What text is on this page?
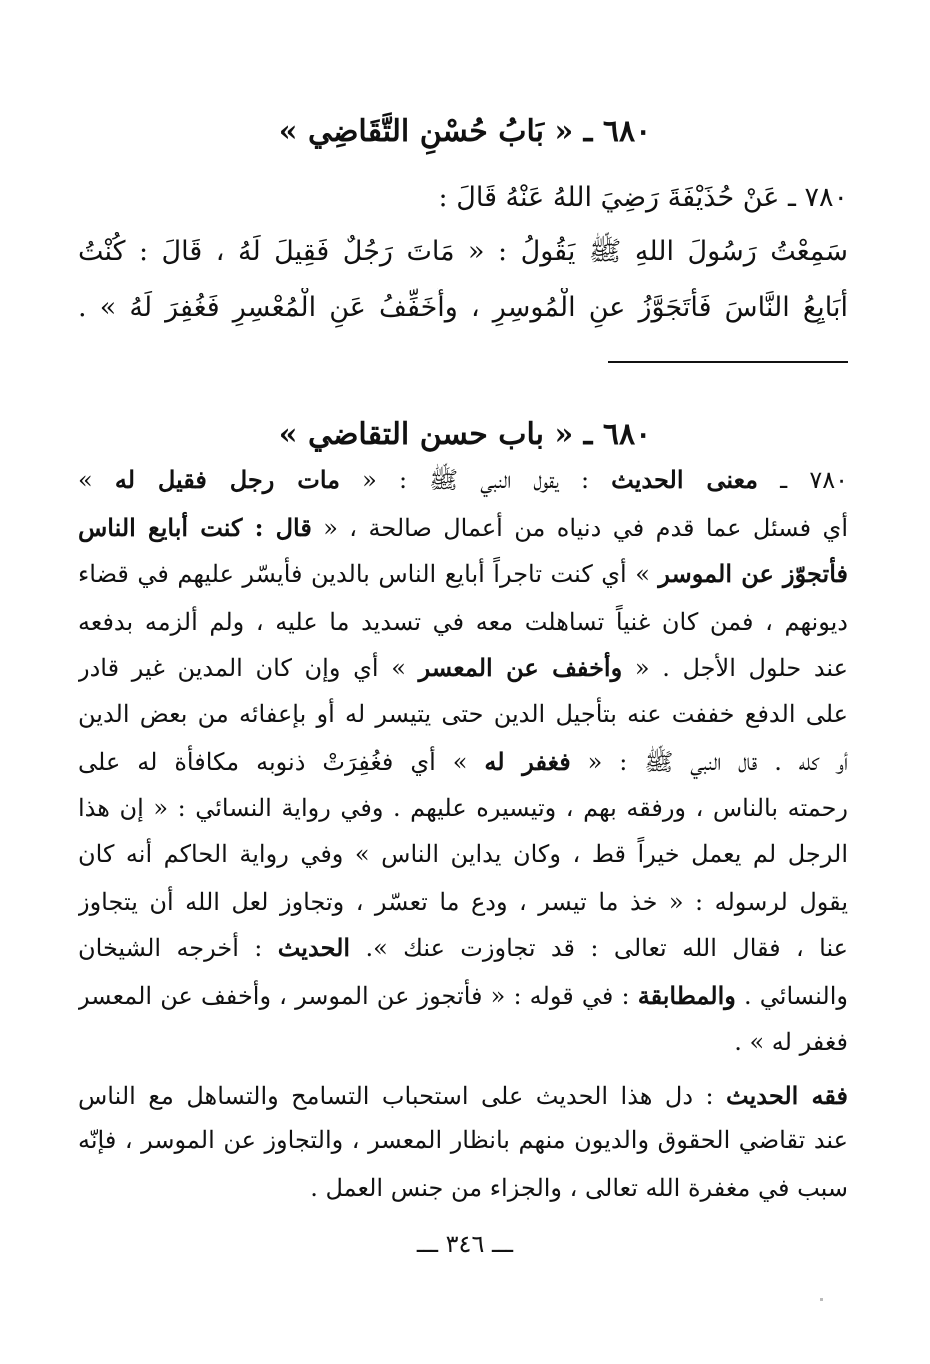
٦٨٠ ـ « بَابُ حُسْنِ التَّقَاضِي »
٧٨٠ ـ عَنْ حُذَيْفَةَ رَضِيَ اللهُ عَنْهُ قَالَ :
سَمِعْتُ رَسُولَ اللهِ ﷺ يَقُولُ : « مَاتَ رَجُلٌ فَقِيلَ لَهُ ، قَالَ : كُنْتُ
أُبَايِعُ النَّاسَ فَأَتَجَوَّزُ عنِ الْمُوسِرِ ، وأُخَفِّفُ عَنِ الْمُعْسِرِ فَغُفِرَ لَهُ » .
٦٨٠ ـ « باب حسن التقاضي »
٧٨٠ ـ معنى الحديث : يقول النبي ﷺ : « مات رجل فقيل له »
أي فسئل عما قدم في دنياه من أعمال صالحة ، « قال : كنت أبايع الناس
فأتجوّز عن الموسر » أي كنت تاجراً أبايع الناس بالدين فأيسّر عليهم في قضاء
ديونهم ، فمن كان غنياً تساهلت معه في تسديد ما عليه ، ولم ألزمه بدفعه
عند حلول الأجل . « وأخفف عن المعسر » أي وإن كان المدين غير قادر
على الدفع خففت عنه بتأجيل الدين حتى يتيسر له أو بإعفائه من بعض الدين
أو كله . قال النبي ﷺ : « فغفر له » أي فغُفِرَتْ ذنوبه مكافأة له على
رحمته بالناس ، ورفقه بهم ، وتيسيره عليهم . وفي رواية النسائي : « إن هذا
الرجل لم يعمل خيراً قط ، وكان يداين الناس » وفي رواية الحاكم أنه كان
يقول لرسوله : « خذ ما تيسر ، ودع ما تعسّر ، وتجاوز لعل الله أن يتجاوز
عنا ، فقال الله تعالى : قد تجاوزت عنك ». الحديث : أخرجه الشيخان
والنسائي . والمطابقة : في قوله : « فأتجوز عن الموسر ، وأخفف عن المعسر
فغفر له » .
فقه الحديث : دل هذا الحديث على استحباب التسامح والتساهل مع الناس
عند تقاضي الحقوق والديون منهم بانظار المعسر ، والتجاوز عن الموسر ، فإنّه
سبب في مغفرة الله تعالى ، والجزاء من جنس العمل .
ـــ ٣٤٦ ـــ
